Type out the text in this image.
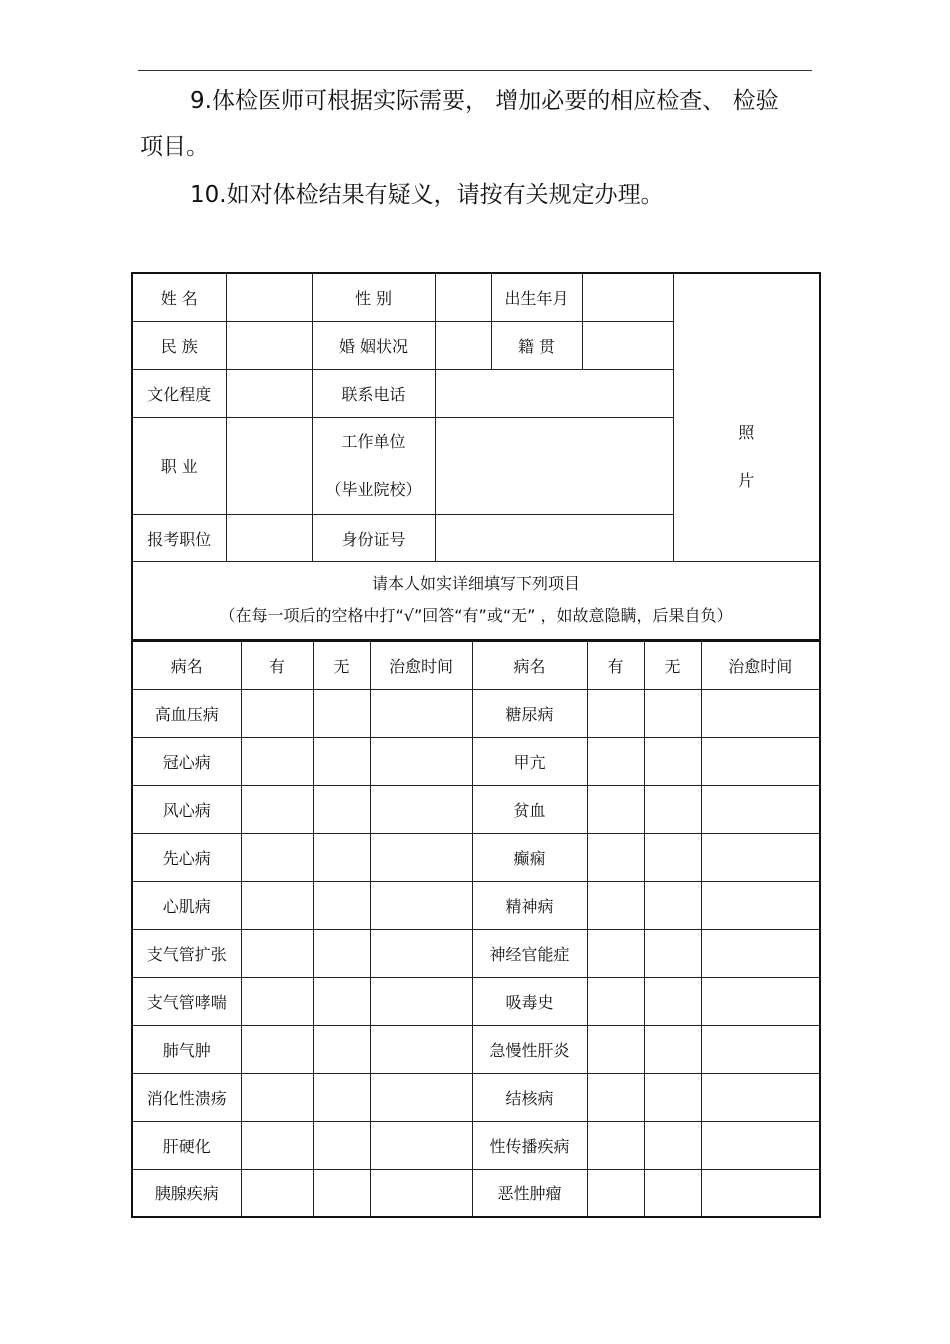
9.体检医师可根据实际需要， 增加必要的相应检查、 检验
项目。
10.如对体检结果有疑义，请按有关规定办理。
姓 名		性 别		出生年月		照
片
民 族		婚 姻状况		籍 贯		
文化程度		联系电话				
职 业		工作单位
（毕业院校）				
报考职位		身份证号				

病名	有	无	治愈时间	病名	有	无	治愈时间
高血压病				糖尿病			
冠心病				甲亢			
风心病				贫血			
先心病				癫痫			
心肌病				精神病			
支气管扩张				神经官能症			
支气管哮喘				吸毒史			
肺气肿				急慢性肝炎			
消化性溃疡				结核病			
肝硬化				性传播疾病			
胰腺疾病				恶性肿瘤			
请本人如实详细填写下列项目
（在每一项后的空格中打“√”回答“有”或“无” ，如故意隐瞒，后果自负）
